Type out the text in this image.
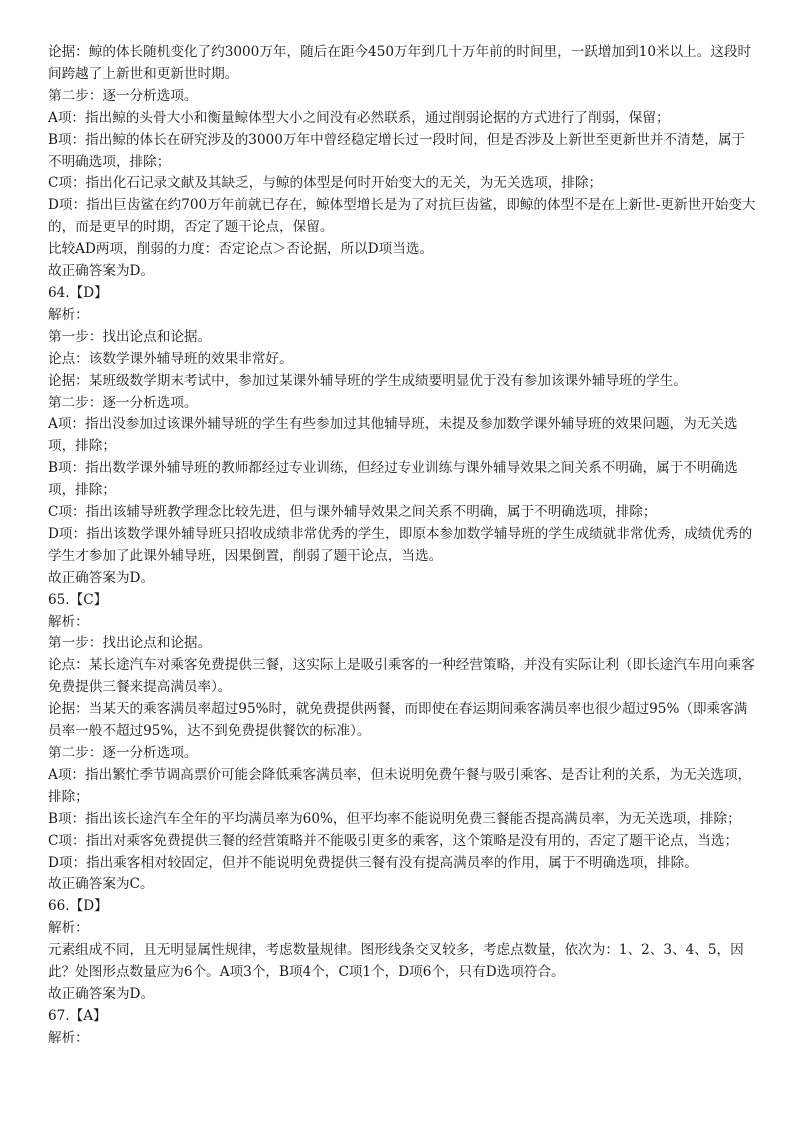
论据：鲸的体长随机变化了约3000万年，随后在距今450万年到几十万年前的时间里，一跃增加到10米以上。这段时间跨越了上新世和更新世时期。

第二步：逐一分析选项。

A项：指出鲸的头骨大小和衡量鲸体型大小之间没有必然联系，通过削弱论据的方式进行了削弱，保留；

B项：指出鲸的体长在研究涉及的3000万年中曾经稳定增长过一段时间，但是否涉及上新世至更新世并不清楚，属于不明确选项，排除；

C项：指出化石记录文献及其缺乏，与鲸的体型是何时开始变大的无关，为无关选项，排除；

D项：指出巨齿鲨在约700万年前就已存在，鲸体型增长是为了对抗巨齿鲨，即鲸的体型不是在上新世-更新世开始变大的，而是更早的时期，否定了题干论点，保留。

比较AD两项，削弱的力度：否定论点＞否论据，所以D项当选。

故正确答案为D。

64.【D】

解析：

第一步：找出论点和论据。

论点：该数学课外辅导班的效果非常好。

论据：某班级数学期末考试中，参加过某课外辅导班的学生成绩要明显优于没有参加该课外辅导班的学生。

第二步：逐一分析选项。

A项：指出没参加过该课外辅导班的学生有些参加过其他辅导班，未提及参加数学课外辅导班的效果问题，为无关选项，排除；

B项：指出数学课外辅导班的教师都经过专业训练，但经过专业训练与课外辅导效果之间关系不明确，属于不明确选项，排除；

C项：指出该辅导班教学理念比较先进，但与课外辅导效果之间关系不明确，属于不明确选项，排除；

D项：指出该数学课外辅导班只招收成绩非常优秀的学生，即原本参加数学辅导班的学生成绩就非常优秀，成绩优秀的学生才参加了此课外辅导班，因果倒置，削弱了题干论点，当选。

故正确答案为D。

65.【C】

解析：

第一步：找出论点和论据。

论点：某长途汽车对乘客免费提供三餐，这实际上是吸引乘客的一种经营策略，并没有实际让利（即长途汽车用向乘客免费提供三餐来提高满员率）。

论据：当某天的乘客满员率超过95%时，就免费提供两餐，而即使在春运期间乘客满员率也很少超过95%（即乘客满员率一般不超过95%，达不到免费提供餐饮的标准）。

第二步：逐一分析选项。

A项：指出繁忙季节调高票价可能会降低乘客满员率，但未说明免费午餐与吸引乘客、是否让利的关系，为无关选项，排除；

B项：指出该长途汽车全年的平均满员率为60%，但平均率不能说明免费三餐能否提高满员率，为无关选项，排除；

C项：指出对乘客免费提供三餐的经营策略并不能吸引更多的乘客，这个策略是没有用的，否定了题干论点，当选；

D项：指出乘客相对较固定，但并不能说明免费提供三餐有没有提高满员率的作用，属于不明确选项，排除。

故正确答案为C。

66.【D】

解析：

元素组成不同，且无明显属性规律，考虑数量规律。图形线条交叉较多，考虑点数量，依次为：1、2、3、4、5，因此？处图形点数量应为6个。A项3个，B项4个，C项1个，D项6个，只有D选项符合。

故正确答案为D。

67.【A】

解析：
